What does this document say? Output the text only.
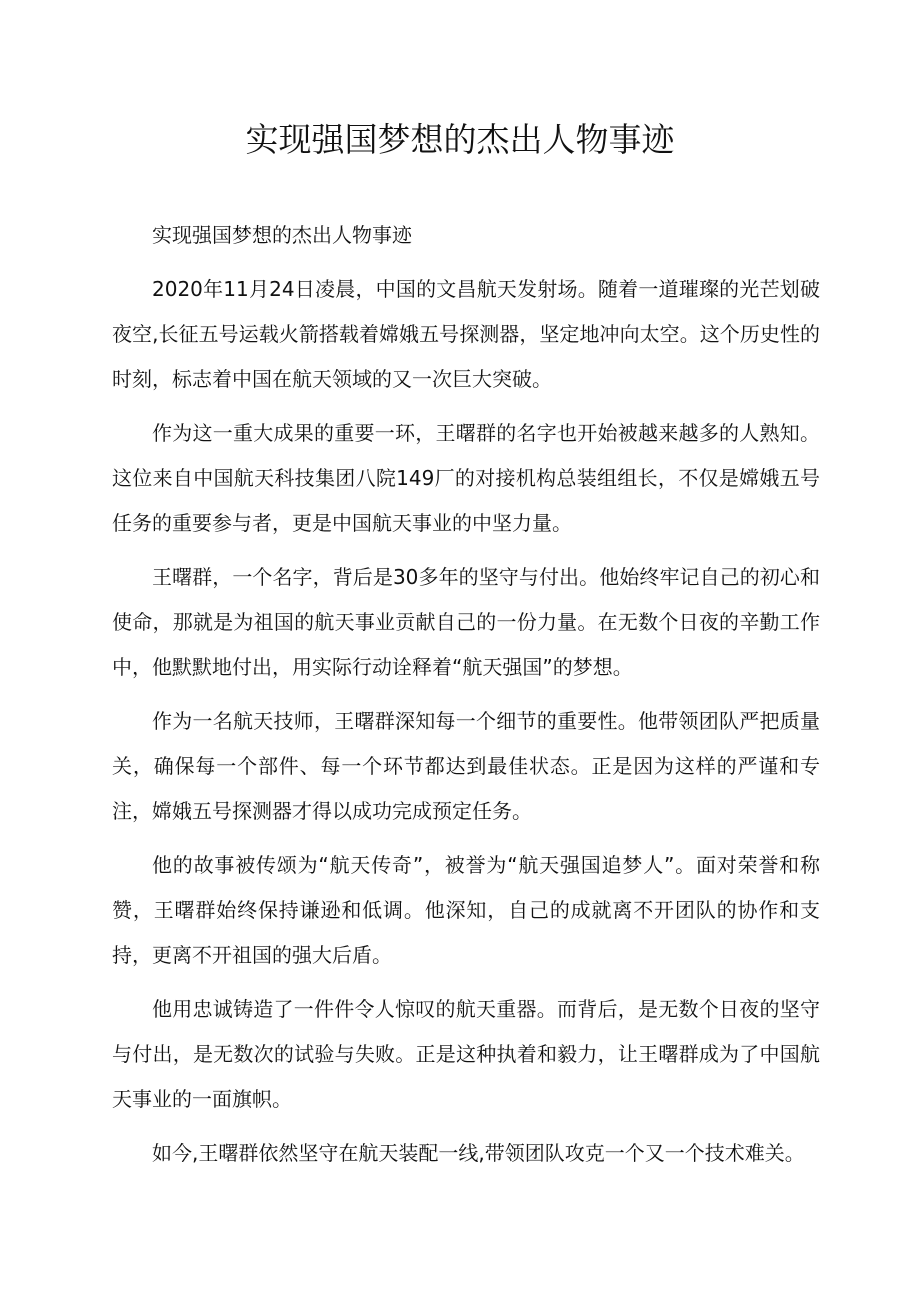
实现强国梦想的杰出人物事迹

实现强国梦想的杰出人物事迹

2020年11月24日凌晨，中国的文昌航天发射场。随着一道璀璨的光芒划破夜空,长征五号运载火箭搭载着嫦娥五号探测器，坚定地冲向太空。这个历史性的时刻，标志着中国在航天领域的又一次巨大突破。

作为这一重大成果的重要一环，王曙群的名字也开始被越来越多的人熟知。这位来自中国航天科技集团八院149厂的对接机构总装组组长，不仅是嫦娥五号任务的重要参与者，更是中国航天事业的中坚力量。

王曙群，一个名字，背后是30多年的坚守与付出。他始终牢记自己的初心和使命，那就是为祖国的航天事业贡献自己的一份力量。在无数个日夜的辛勤工作中，他默默地付出，用实际行动诠释着“航天强国”的梦想。

作为一名航天技师，王曙群深知每一个细节的重要性。他带领团队严把质量关，确保每一个部件、每一个环节都达到最佳状态。正是因为这样的严谨和专注，嫦娥五号探测器才得以成功完成预定任务。

他的故事被传颂为“航天传奇”，被誉为“航天强国追梦人”。面对荣誉和称赞，王曙群始终保持谦逊和低调。他深知，自己的成就离不开团队的协作和支持，更离不开祖国的强大后盾。

他用忠诚铸造了一件件令人惊叹的航天重器。而背后，是无数个日夜的坚守与付出，是无数次的试验与失败。正是这种执着和毅力，让王曙群成为了中国航天事业的一面旗帜。

如今,王曙群依然坚守在航天装配一线,带领团队攻克一个又一个技术难关。
